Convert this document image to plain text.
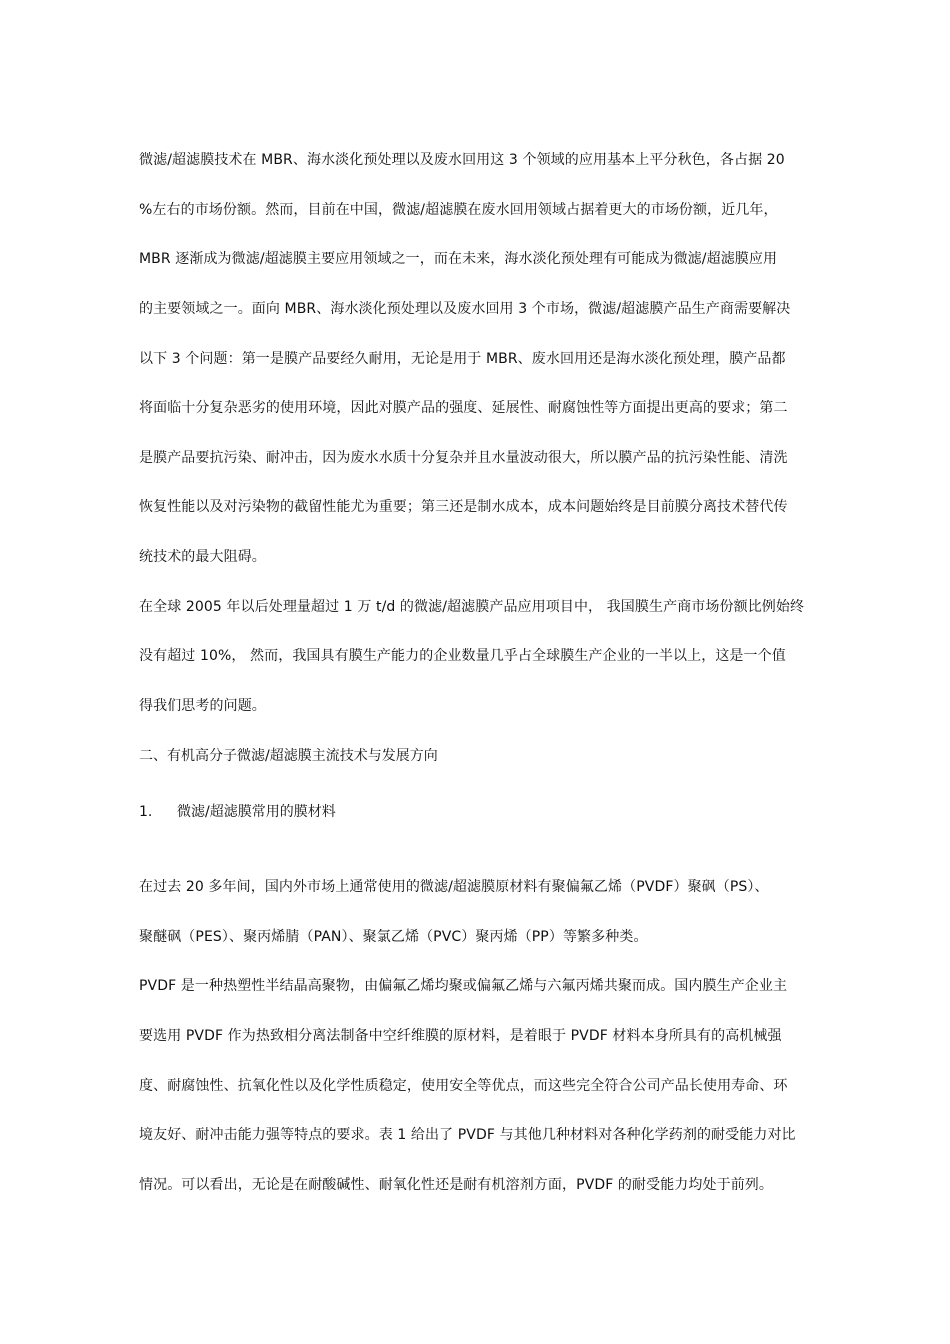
微滤/超滤膜技术在 MBR、海水淡化预处理以及废水回用这 3 个领域的应用基本上平分秋色，各占据 20
%左右的市场份额。然而，目前在中国，微滤/超滤膜在废水回用领域占据着更大的市场份额，近几年，
MBR 逐渐成为微滤/超滤膜主要应用领域之一，而在未来，海水淡化预处理有可能成为微滤/超滤膜应用
的主要领域之一。面向 MBR、海水淡化预处理以及废水回用 3 个市场，微滤/超滤膜产品生产商需要解决
以下 3 个问题：第一是膜产品要经久耐用，无论是用于 MBR、废水回用还是海水淡化预处理，膜产品都
将面临十分复杂恶劣的使用环境，因此对膜产品的强度、延展性、耐腐蚀性等方面提出更高的要求；第二
是膜产品要抗污染、耐冲击，因为废水水质十分复杂并且水量波动很大，所以膜产品的抗污染性能、清洗
恢复性能以及对污染物的截留性能尤为重要；第三还是制水成本，成本问题始终是目前膜分离技术替代传
统技术的最大阻碍。
在全球 2005 年以后处理量超过 1 万 t/d 的微滤/超滤膜产品应用项目中， 我国膜生产商市场份额比例始终
没有超过 10%， 然而，我国具有膜生产能力的企业数量几乎占全球膜生产企业的一半以上，这是一个值
得我们思考的问题。
二、有机高分子微滤/超滤膜主流技术与发展方向
1. 微滤/超滤膜常用的膜材料
在过去 20 多年间，国内外市场上通常使用的微滤/超滤膜原材料有聚偏氟乙烯（PVDF）聚砜（PS）、
聚醚砜（PES）、聚丙烯腈（PAN）、聚氯乙烯（PVC）聚丙烯（PP）等繁多种类。
PVDF 是一种热塑性半结晶高聚物，由偏氟乙烯均聚或偏氟乙烯与六氟丙烯共聚而成。国内膜生产企业主
要选用 PVDF 作为热致相分离法制备中空纤维膜的原材料，是着眼于 PVDF 材料本身所具有的高机械强
度、耐腐蚀性、抗氧化性以及化学性质稳定，使用安全等优点，而这些完全符合公司产品长使用寿命、环
境友好、耐冲击能力强等特点的要求。表 1 给出了 PVDF 与其他几种材料对各种化学药剂的耐受能力对比
情况。可以看出，无论是在耐酸碱性、耐氧化性还是耐有机溶剂方面，PVDF 的耐受能力均处于前列。
